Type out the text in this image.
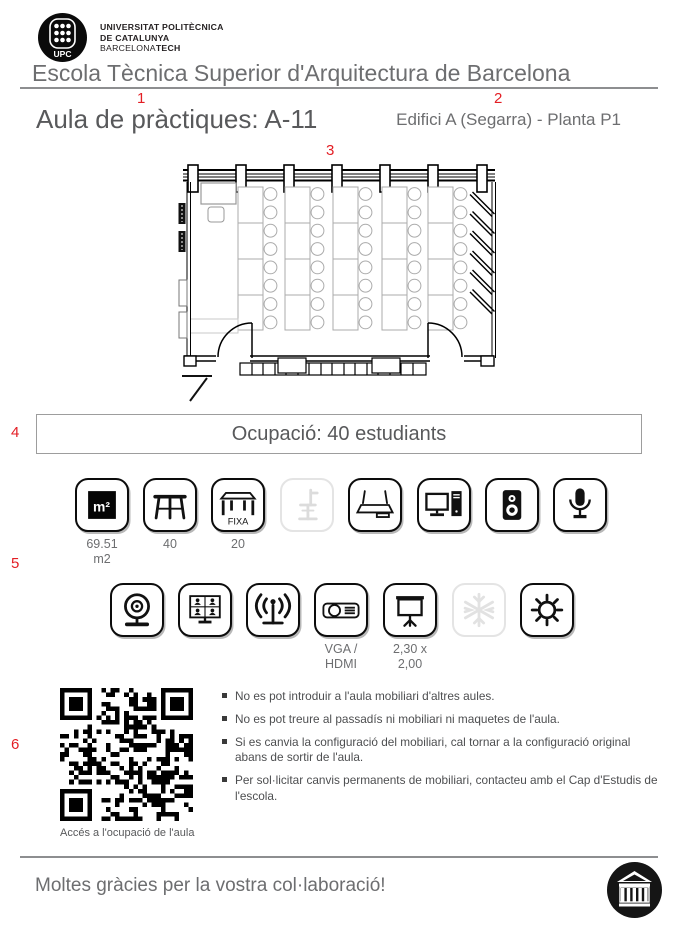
1	2
3
4
5
6
UPC
UNIVERSITAT POLITÈCNICA
DE CATALUNYA
BARCELONATECH
Escola Tècnica Superior d'Arquitectura de Barcelona
Aula de pràctiques: A-11	Edifici A (Segarra) - Planta P1
Ocupació: 40 estudiants
m²
69.51 m2
40
FIXA
20
VGA / HDMI
2,30 x 2,00
Accés a l'ocupació de l'aula
No es pot introduir a l'aula mobiliari d'altres aules.
No es pot treure al passadís ni mobiliari ni maquetes de l'aula.
Si es canvia la configuració del mobiliari, cal tornar a la configuració original abans de sortir de l'aula.
Per sol·licitar canvis permanents de mobiliari, contacteu amb el Cap d'Estudis de l'escola.
Moltes gràcies per la vostra col·laboració!
